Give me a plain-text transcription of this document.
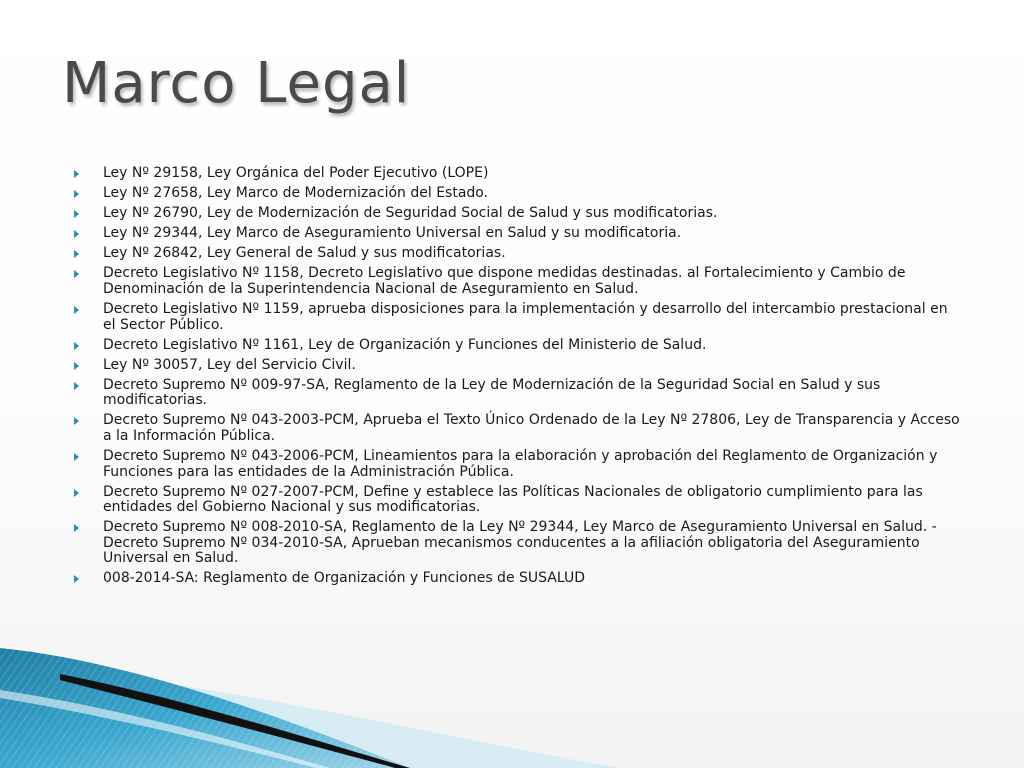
Marco Legal
Ley Nº 29158, Ley Orgánica del Poder Ejecutivo (LOPE)
Ley Nº 27658, Ley Marco de Modernización del Estado.
Ley Nº 26790, Ley de Modernización de Seguridad Social de Salud y sus modificatorias.
Ley Nº 29344, Ley Marco de Aseguramiento Universal en Salud y su modificatoria.
Ley Nº 26842, Ley General de Salud y sus modificatorias.
Decreto Legislativo Nº 1158, Decreto Legislativo que dispone medidas destinadas. al Fortalecimiento y Cambio de Denominación de la Superintendencia Nacional de Aseguramiento en Salud.
Decreto Legislativo Nº 1159, aprueba disposiciones para la implementación y desarrollo del intercambio prestacional en el Sector Público.
Decreto Legislativo Nº 1161, Ley de Organización y Funciones del Ministerio de Salud.
Ley Nº 30057, Ley del Servicio Civil.
Decreto Supremo Nº 009-97-SA, Reglamento de la Ley de Modernización de la Seguridad Social en Salud y sus modificatorias.
Decreto Supremo Nº 043-2003-PCM, Aprueba el Texto Único Ordenado de la Ley Nº 27806, Ley de Transparencia y Acceso a la Información Pública.
Decreto Supremo Nº 043-2006-PCM, Lineamientos para la elaboración y aprobación del Reglamento de Organización y Funciones para las entidades de la Administración Pública.
Decreto Supremo Nº 027-2007-PCM, Define y establece las Políticas Nacionales de obligatorio cumplimiento para las entidades del Gobierno Nacional y sus modificatorias.
Decreto Supremo Nº 008-2010-SA, Reglamento de la Ley Nº 29344, Ley Marco de Aseguramiento Universal en Salud. - Decreto Supremo Nº 034-2010-SA, Aprueban mecanismos conducentes a la afiliación obligatoria del Aseguramiento Universal en Salud.
008-2014-SA: Reglamento de Organización y Funciones de SUSALUD
